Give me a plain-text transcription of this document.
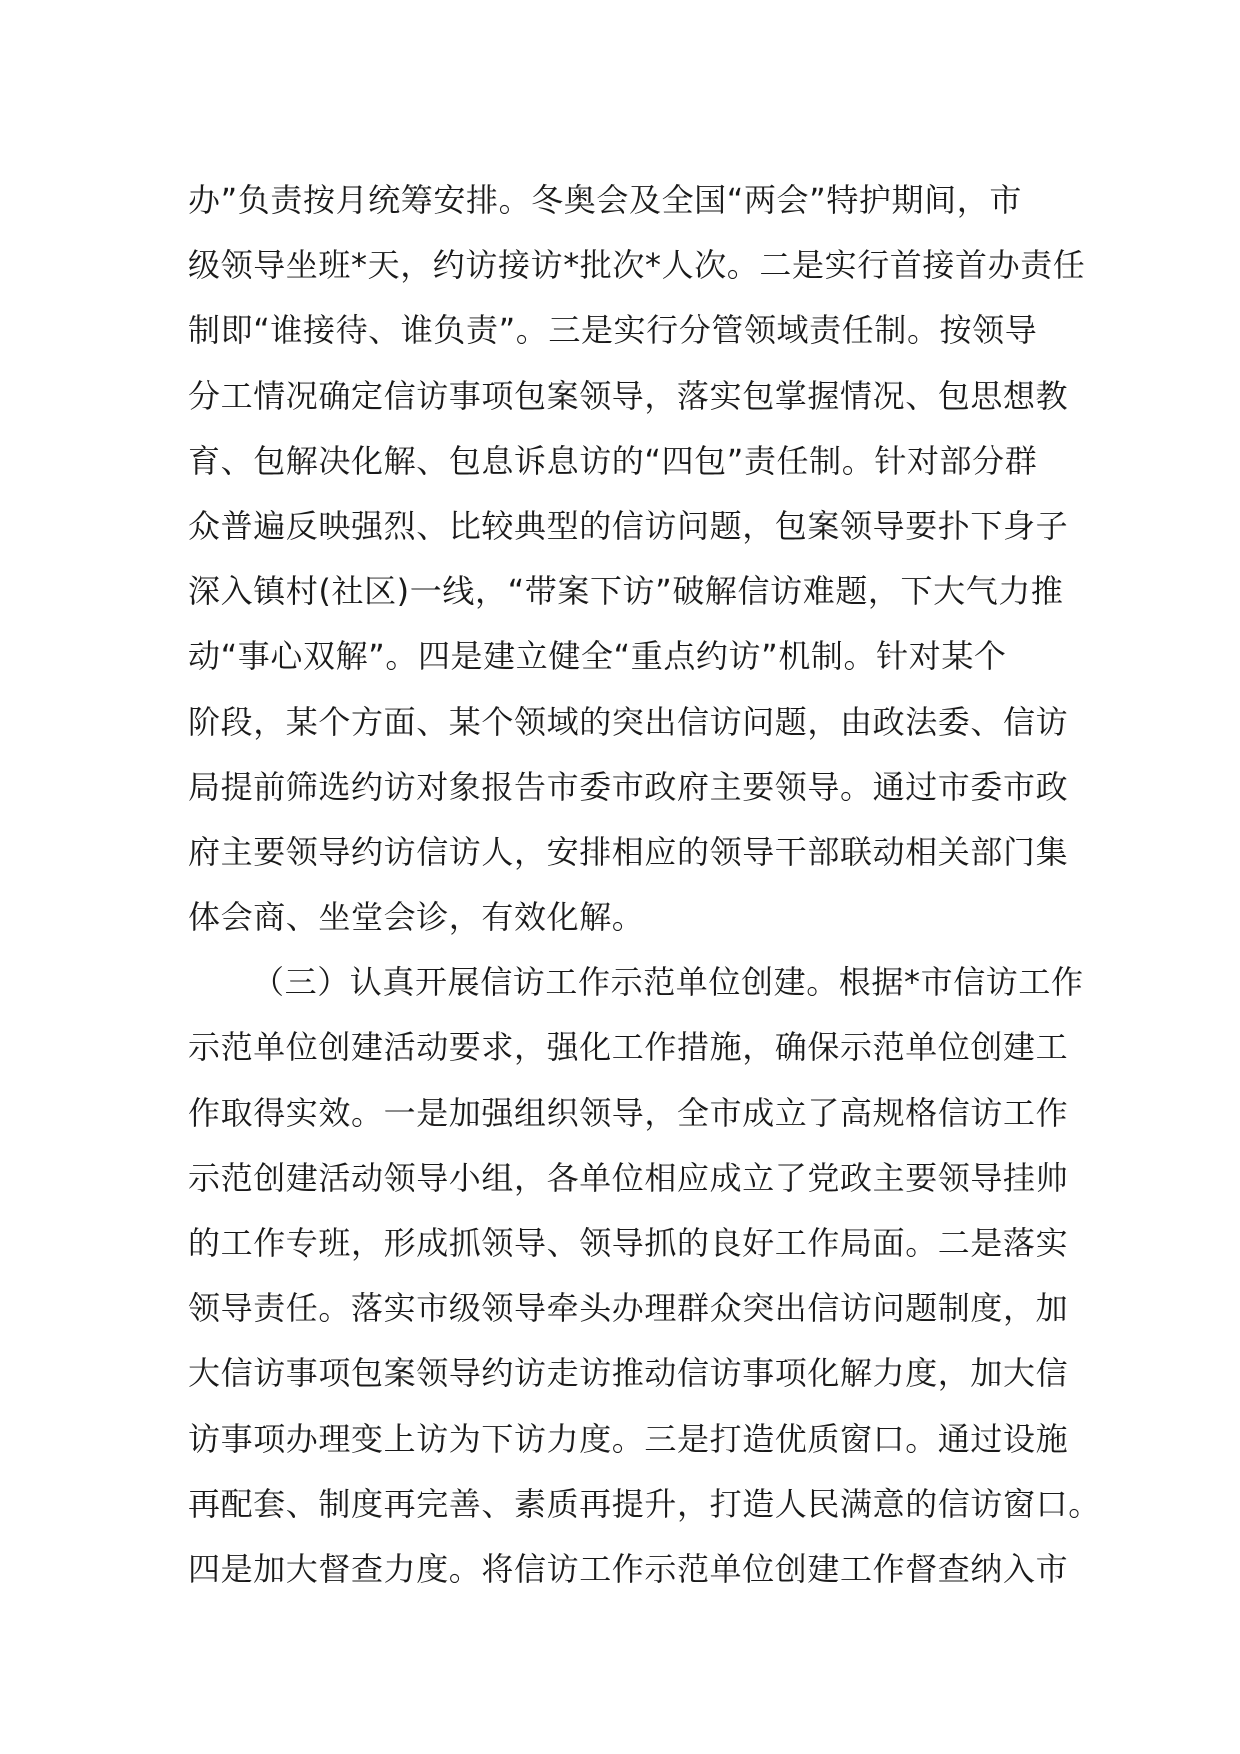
办”负责按月统筹安排。冬奥会及全国“两会”特护期间，市
级领导坐班*天，约访接访*批次*人次。二是实行首接首办责任
制即“谁接待、谁负责”。三是实行分管领域责任制。按领导
分工情况确定信访事项包案领导，落实包掌握情况、包思想教
育、包解决化解、包息诉息访的“四包”责任制。针对部分群
众普遍反映强烈、比较典型的信访问题，包案领导要扑下身子
深入镇村(社区)一线，“带案下访”破解信访难题，下大气力推
动“事心双解”。四是建立健全“重点约访”机制。针对某个
阶段，某个方面、某个领域的突出信访问题，由政法委、信访
局提前筛选约访对象报告市委市政府主要领导。通过市委市政
府主要领导约访信访人，安排相应的领导干部联动相关部门集
体会商、坐堂会诊，有效化解。
（三）认真开展信访工作示范单位创建。根据*市信访工作
示范单位创建活动要求，强化工作措施，确保示范单位创建工
作取得实效。一是加强组织领导，全市成立了高规格信访工作
示范创建活动领导小组，各单位相应成立了党政主要领导挂帅
的工作专班，形成抓领导、领导抓的良好工作局面。二是落实
领导责任。落实市级领导牵头办理群众突出信访问题制度，加
大信访事项包案领导约访走访推动信访事项化解力度，加大信
访事项办理变上访为下访力度。三是打造优质窗口。通过设施
再配套、制度再完善、素质再提升，打造人民满意的信访窗口。
四是加大督查力度。将信访工作示范单位创建工作督查纳入市
